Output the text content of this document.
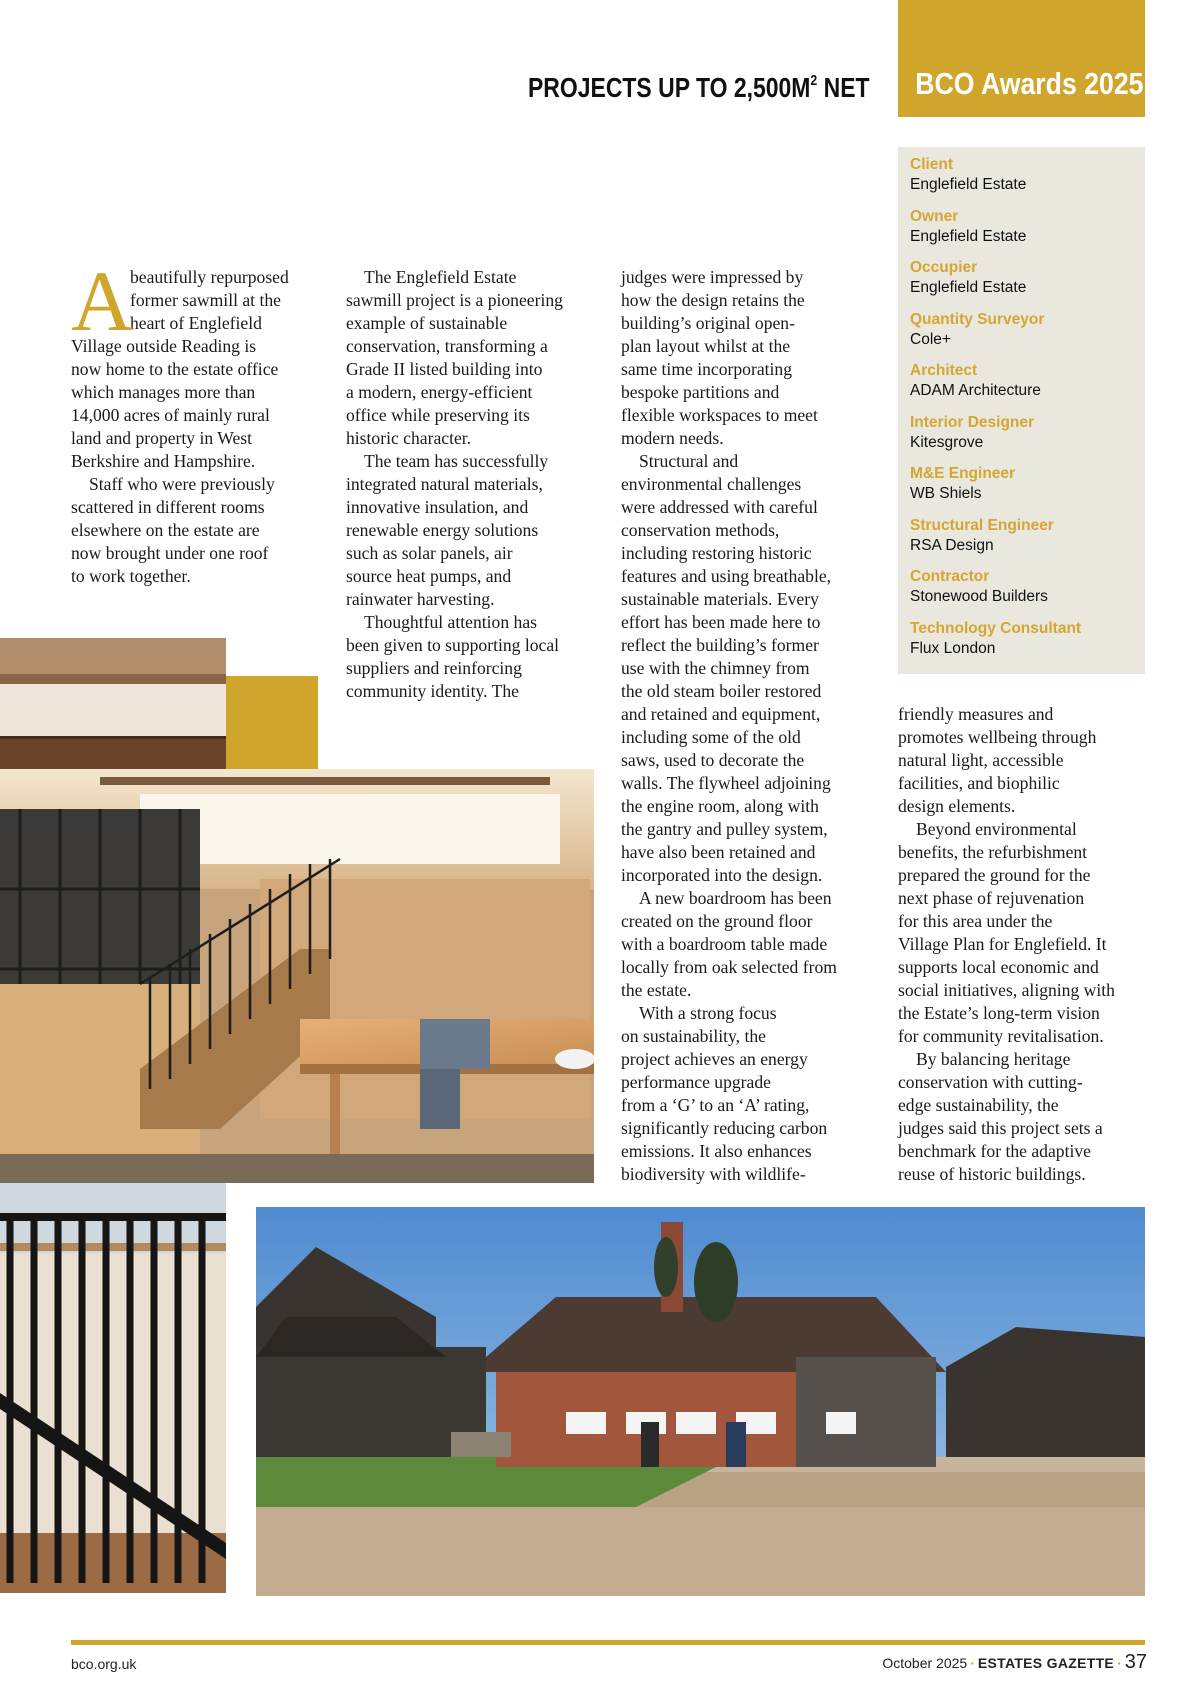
BCO Awards 2025
PROJECTS UP TO $2,500M^2$ NET
Client
Englefield Estate
Owner
Englefield Estate
Occupier
Englefield Estate
Quantity Surveyor
Cole+
Architect
ADAM Architecture
Interior Designer
Kitesgrove
M&E Engineer
WB Shiels
Structural Engineer
RSA Design
Contractor
Stonewood Builders
Technology Consultant
Flux London
A
beautifully repurposed
former sawmill at the
heart of Englefield
Village outside Reading is
now home to the estate office
which manages more than
14,000 acres of mainly rural
land and property in West
Berkshire and Hampshire.
Staff who were previously
scattered in different rooms
elsewhere on the estate are
now brought under one roof
to work together.
The Englefield Estate
sawmill project is a pioneering
example of sustainable
conservation, transforming a
Grade II listed building into
a modern, energy-efficient
office while preserving its
historic character.
The team has successfully
integrated natural materials,
innovative insulation, and
renewable energy solutions
such as solar panels, air
source heat pumps, and
rainwater harvesting.
Thoughtful attention has
been given to supporting local
suppliers and reinforcing
community identity. The
judges were impressed by
how the design retains the
building’s original open-
plan layout whilst at the
same time incorporating
bespoke partitions and
flexible workspaces to meet
modern needs.
Structural and
environmental challenges
were addressed with careful
conservation methods,
including restoring historic
features and using breathable,
sustainable materials. Every
effort has been made here to
reflect the building’s former
use with the chimney from
the old steam boiler restored
and retained and equipment,
including some of the old
saws, used to decorate the
walls. The flywheel adjoining
the engine room, along with
the gantry and pulley system,
have also been retained and
incorporated into the design.
A new boardroom has been
created on the ground floor
with a boardroom table made
locally from oak selected from
the estate.
With a strong focus
on sustainability, the
project achieves an energy
performance upgrade
from a ‘G’ to an ‘A’ rating,
significantly reducing carbon
emissions. It also enhances
biodiversity with wildlife-
friendly measures and
promotes wellbeing through
natural light, accessible
facilities, and biophilic
design elements.
Beyond environmental
benefits, the refurbishment
prepared the ground for the
next phase of rejuvenation
for this area under the
Village Plan for Englefield. It
supports local economic and
social initiatives, aligning with
the Estate’s long-term vision
for community revitalisation.
By balancing heritage
conservation with cutting-
edge sustainability, the
judges said this project sets a
benchmark for the adaptive
reuse of historic buildings.
bco.org.uk	October 2025 · ESTATES GAZETTE · 37
